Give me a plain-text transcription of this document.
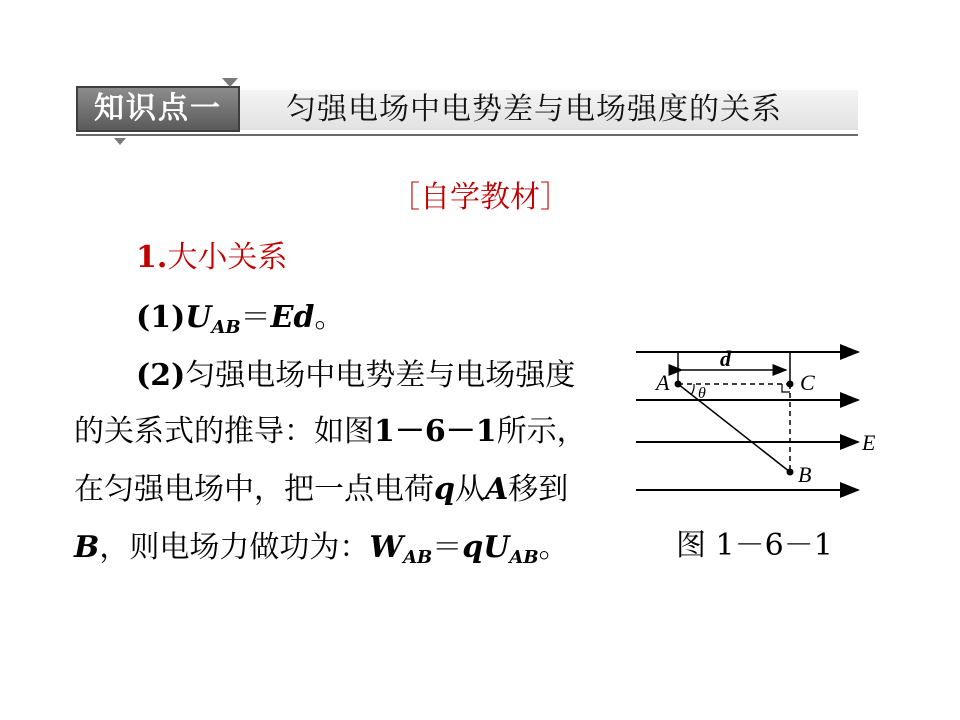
知识点一	匀强电场中电势差与电场强度的关系
［自学教材］
1.大小关系
$(1)U_{AB}=Ed$。
(2)匀强电场中电势差与电场强度
的关系式的推导：如图1－6－1所示，
在匀强电场中，把一点电荷q从A移到
B，则电场力做功为：$W_{AB}=qU_{AB}$。
A	C
B
E
d
θ
图 1－6－1
